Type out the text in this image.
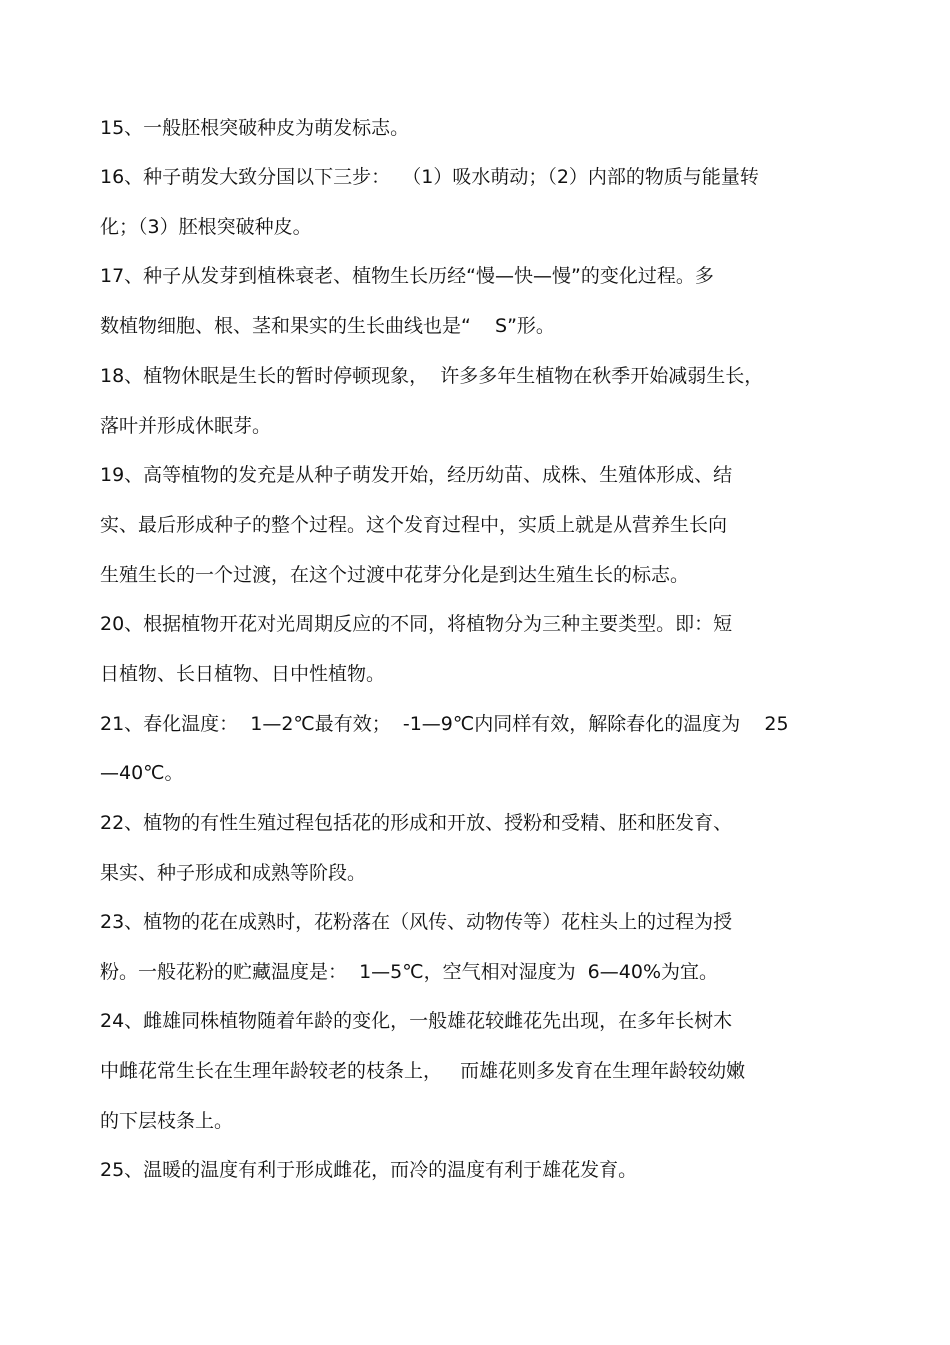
15、一般胚根突破种皮为萌发标志。
16、种子萌发大致分国以下三步：  （1）吸水萌动；（2）内部的物质与能量转
化；（3）胚根突破种皮。
17、种子从发芽到植株衰老、植物生长历经“慢—快—慢”的变化过程。多
数植物细胞、根、茎和果实的生长曲线也是“    S”形。
18、植物休眠是生长的暂时停顿现象，  许多多年生植物在秋季开始减弱生长，
落叶并形成休眠芽。
19、高等植物的发充是从种子萌发开始，经历幼苗、成株、生殖体形成、结
实、最后形成种子的整个过程。这个发育过程中，实质上就是从营养生长向
生殖生长的一个过渡，在这个过渡中花芽分化是到达生殖生长的标志。
20、根据植物开花对光周期反应的不同，将植物分为三种主要类型。即：短
日植物、长日植物、日中性植物。
21、春化温度：  1—2℃最有效；  -1—9℃内同样有效，解除春化的温度为    25
—40℃。
22、植物的有性生殖过程包括花的形成和开放、授粉和受精、胚和胚发育、
果实、种子形成和成熟等阶段。
23、植物的花在成熟时，花粉落在（风传、动物传等）花柱头上的过程为授
粉。一般花粉的贮藏温度是：  1—5℃，空气相对湿度为  6—40%为宜。
24、雌雄同株植物随着年龄的变化，一般雄花较雌花先出现，在多年长树木
中雌花常生长在生理年龄较老的枝条上，   而雄花则多发育在生理年龄较幼嫩
的下层枝条上。
25、温暖的温度有利于形成雌花，而冷的温度有利于雄花发育。
